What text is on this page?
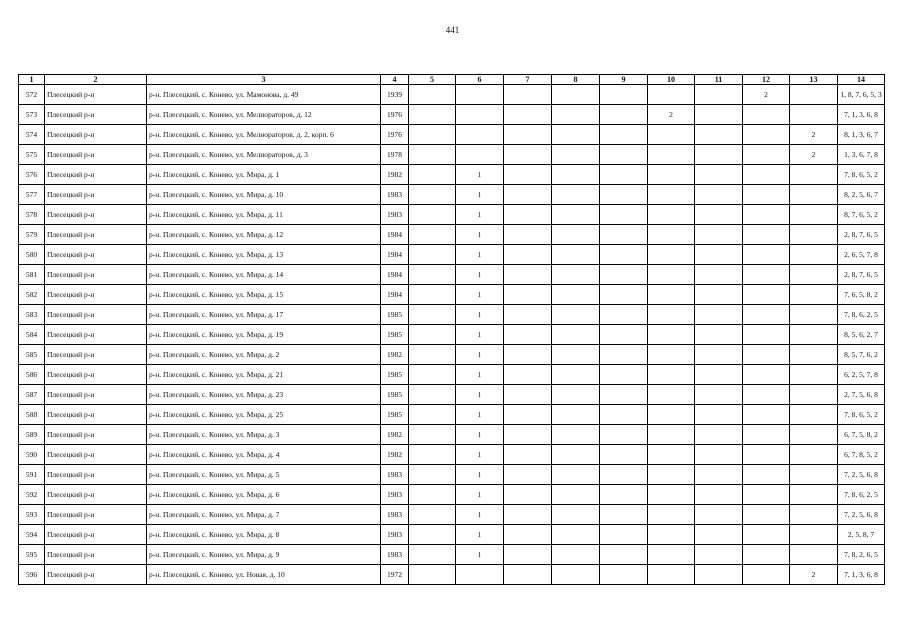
441
1	2	3	4	5	6	7	8	9	10	11	12	13	14
572	Плесецкий р-н	р-н. Плесецкий, с. Конево, ул. Мамонова, д. 49	1939								2		1, 8, 7, 6, 5, 3
573	Плесецкий р-н	р-н. Плесецкий, с. Конево, ул. Мелиораторов, д. 12	1976						2				7, 1, 3, 6, 8
574	Плесецкий р-н	р-н. Плесецкий, с. Конево, ул. Мелиораторов, д. 2, корп. 6	1976									2	8, 1, 3, 6, 7
575	Плесецкий р-н	р-н. Плесецкий, с. Конево, ул. Мелиораторов, д. 3	1978									2	1, 3, 6, 7, 8
576	Плесецкий р-н	р-н. Плесецкий, с. Конево, ул. Мира, д. 1	1982		1								7, 8, 6, 5, 2
577	Плесецкий р-н	р-н. Плесецкий, с. Конево, ул. Мира, д. 10	1983		1								8, 2, 5, 6, 7
578	Плесецкий р-н	р-н. Плесецкий, с. Конево, ул. Мира, д. 11	1983		1								8, 7, 6, 5, 2
579	Плесецкий р-н	р-н. Плесецкий, с. Конево, ул. Мира, д. 12	1984		1								2, 8, 7, 6, 5
580	Плесецкий р-н	р-н. Плесецкий, с. Конево, ул. Мира, д. 13	1984		1								2, 6, 5, 7, 8
581	Плесецкий р-н	р-н. Плесецкий, с. Конево, ул. Мира, д. 14	1984		1								2, 8, 7, 6, 5
582	Плесецкий р-н	р-н. Плесецкий, с. Конево, ул. Мира, д. 15	1984		1								7, 6, 5, 8, 2
583	Плесецкий р-н	р-н. Плесецкий, с. Конево, ул. Мира, д. 17	1985		1								7, 8, 6, 2, 5
584	Плесецкий р-н	р-н. Плесецкий, с. Конево, ул. Мира, д. 19	1985		1								8, 5, 6, 2, 7
585	Плесецкий р-н	р-н. Плесецкий, с. Конево, ул. Мира, д. 2	1982		1								8, 5, 7, 6, 2
586	Плесецкий р-н	р-н. Плесецкий, с. Конево, ул. Мира, д. 21	1985		1								6, 2, 5, 7, 8
587	Плесецкий р-н	р-н. Плесецкий, с. Конево, ул. Мира, д. 23	1985		1								2, 7, 5, 6, 8
588	Плесецкий р-н	р-н. Плесецкий, с. Конево, ул. Мира, д. 25	1985		1								7, 8, 6, 5, 2
589	Плесецкий р-н	р-н. Плесецкий, с. Конево, ул. Мира, д. 3	1982		1								6, 7, 5, 8, 2
590	Плесецкий р-н	р-н. Плесецкий, с. Конево, ул. Мира, д. 4	1982		1								6, 7, 8, 5, 2
591	Плесецкий р-н	р-н. Плесецкий, с. Конево, ул. Мира, д. 5	1983		1								7, 2, 5, 6, 8
592	Плесецкий р-н	р-н. Плесецкий, с. Конево, ул. Мира, д. 6	1983		1								7, 8, 6, 2, 5
593	Плесецкий р-н	р-н. Плесецкий, с. Конево, ул. Мира, д. 7	1983		1								7, 2, 5, 6, 8
594	Плесецкий р-н	р-н. Плесецкий, с. Конево, ул. Мира, д. 8	1983		1								2, 5, 8, 7
595	Плесецкий р-н	р-н. Плесецкий, с. Конево, ул. Мира, д. 9	1983		1								7, 8, 2, 6, 5
596	Плесецкий р-н	р-н. Плесецкий, с. Конево, ул. Новая, д. 10	1972									2	7, 1, 3, 6, 8
